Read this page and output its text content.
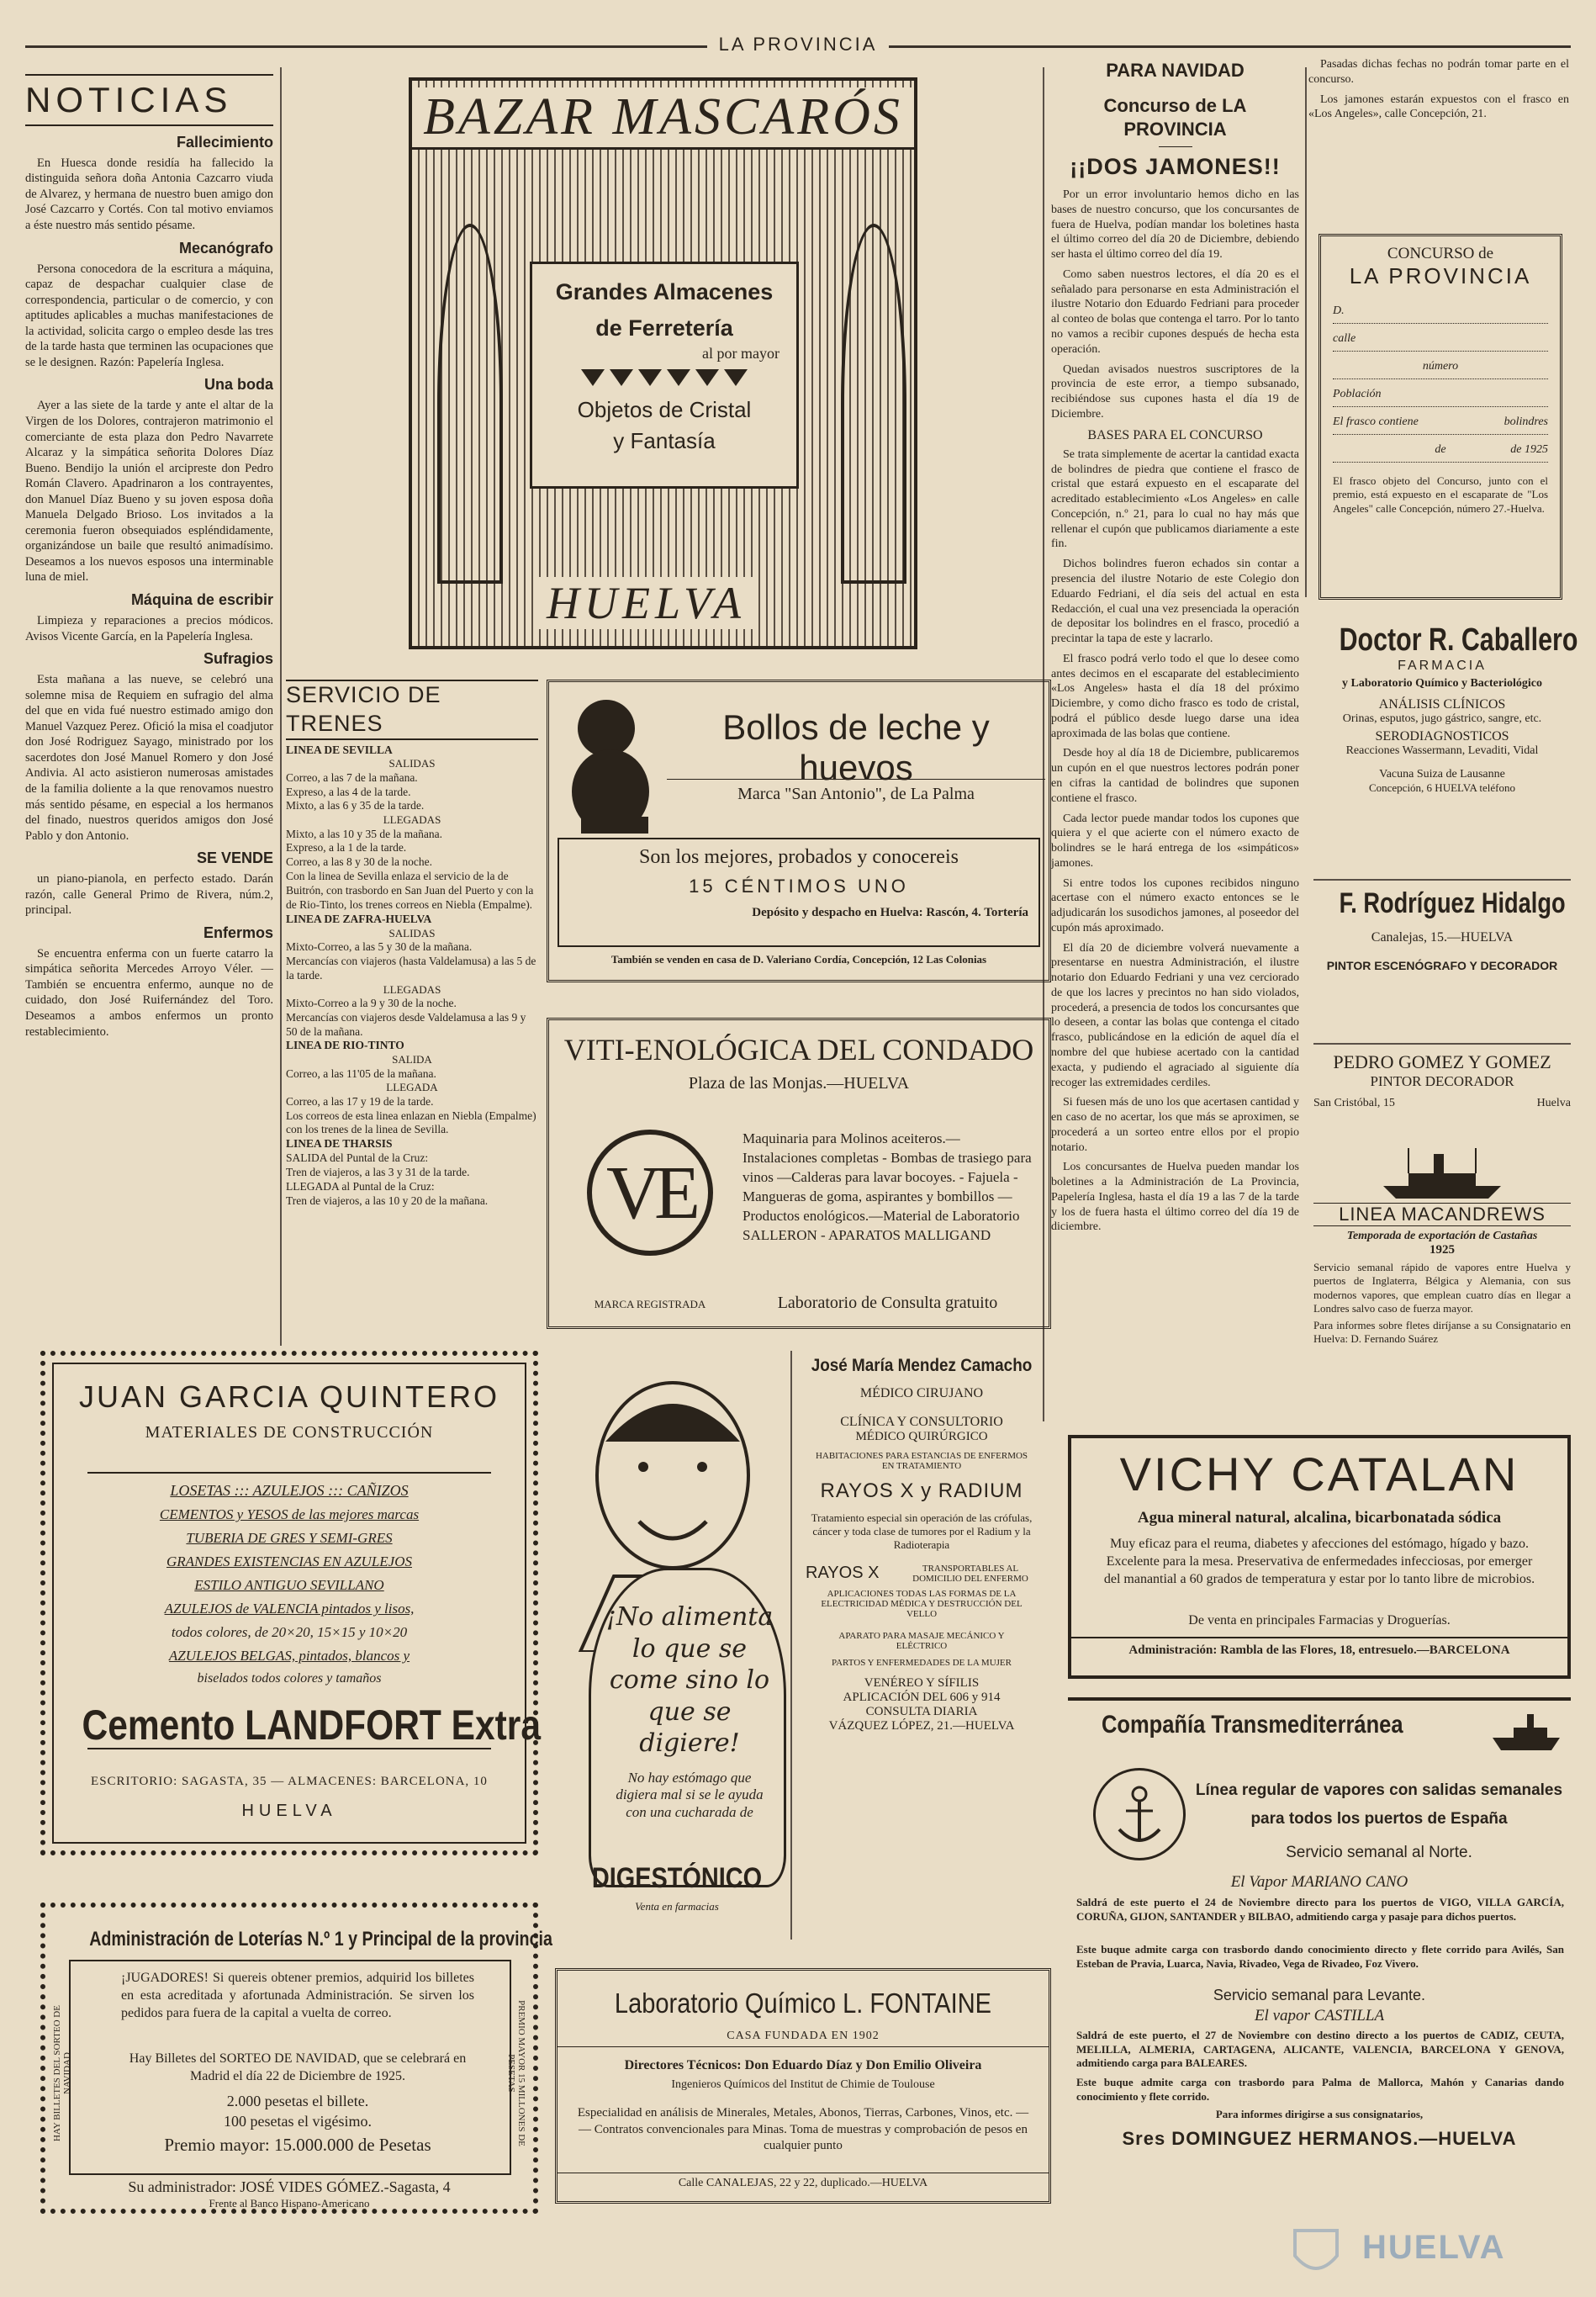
LA PROVINCIA
NOTICIAS
Fallecimiento

En Huesca donde residía ha fallecido la distinguida señora doña Antonia Cazcarro viuda de Alvarez, y hermana de nuestro buen amigo don José Cazcarro y Cortés. Con tal motivo enviamos a éste nuestro más sentido pésame.

Mecanógrafo

Persona conocedora de la escritura a máquina, capaz de despachar cualquier clase de correspondencia, particular o de comercio, y con aptitudes aplicables a muchas manifestaciones de la actividad, solicita cargo o empleo desde las tres de la tarde hasta que terminen las ocupaciones que se le designen. Razón: Papelería Inglesa.

Una boda

Ayer a las siete de la tarde y ante el altar de la Virgen de los Dolores, contrajeron matrimonio el comerciante de esta plaza don Pedro Navarrete Alcaraz y la simpática señorita Dolores Díaz Bueno. Bendijo la unión el arcipreste don Pedro Román Clavero. Apadrinaron a los contrayentes, don Manuel Díaz Bueno y su joven esposa doña Manuela Delgado Brioso. Los invitados a la ceremonia fueron obsequiados espléndidamente, organizándose un baile que resultó animadísimo. Deseamos a los nuevos esposos una interminable luna de miel.

Máquina de escribir

Limpieza y reparaciones a precios módicos. Avisos Vicente García, en la Papelería Inglesa.

Sufragios

Esta mañana a las nueve, se celebró una solemne misa de Requiem en sufragio del alma del que en vida fué nuestro estimado amigo don Manuel Vazquez Perez. Ofició la misa el coadjutor don José Rodriguez Sayago, ministrado por los sacerdotes don José Manuel Romero y don José Andivia. Al acto asistieron numerosas amistades de la familia doliente a la que renovamos nuestro más sentido pésame, en especial a los hermanos del finado, nuestros queridos amigos don José Pablo y don Antonio.

SE VENDE

un piano-pianola, en perfecto estado. Darán razón, calle General Primo de Rivera, núm.2, principal.

Enfermos

Se encuentra enferma con un fuerte catarro la simpática señorita Mercedes Arroyo Véler. —También se encuentra enfermo, aunque no de cuidado, don José Ruifernández del Toro. Deseamos a ambos enfermos un pronto restablecimiento.

BAZAR MASCARÓS
Grandes Almacenes
de Ferretería
al por mayor
Objetos de Cristal
y Fantasía
HUELVA
SERVICIO DE TRENES
LINEA DE SEVILLA
SALIDAS
Correo, a las 7 de la mañana.
Expreso, a las 4 de la tarde.
Mixto, a las 6 y 35 de la tarde.
LLEGADAS
Mixto, a las 10 y 35 de la mañana.
Expreso, a la 1 de la tarde.
Correo, a las 8 y 30 de la noche.
Con la linea de Sevilla enlaza el servicio de la de Buitrón, con trasbordo en San Juan del Puerto y con la de Rio-Tinto, los trenes correos en Niebla (Empalme).
LINEA DE ZAFRA-HUELVA
SALIDAS
Mixto-Correo, a las 5 y 30 de la mañana.
Mercancías con viajeros (hasta Valdelamusa) a las 5 de la tarde.
LLEGADAS
Mixto-Correo a la 9 y 30 de la noche.
Mercancías con viajeros desde Valdelamusa a las 9 y 50 de la mañana.
LINEA DE RIO-TINTO
SALIDA
Correo, a las 11'05 de la mañana.
LLEGADA
Correo, a las 17 y 19 de la tarde.
Los correos de esta linea enlazan en Niebla (Empalme) con los trenes de la linea de Sevilla.
LINEA DE THARSIS
SALIDA del Puntal de la Cruz:
Tren de viajeros, a las 3 y 31 de la tarde.
LLEGADA al Puntal de la Cruz:
Tren de viajeros, a las 10 y 20 de la mañana.
Bollos de leche y huevos
Marca "San Antonio", de La Palma
Son los mejores, probados y conocereis
15 CÉNTIMOS UNO
Depósito y despacho en Huelva: Rascón, 4. Tortería
También se venden en casa de D. Valeriano Cordía, Concepción, 12 Las Colonias
VITI-ENOLÓGICA DEL CONDADO
Plaza de las Monjas.—HUELVA
VE
MARCA REGISTRADA
Maquinaria para Molinos aceiteros.— Instalaciones completas - Bombas de trasiego para vinos —Calderas para lavar bocoyes. - Fajuela - Mangueras de goma, aspirantes y bombillos —Productos enológicos.—Material de Laboratorio SALLERON - APARATOS MALLIGAND
Laboratorio de Consulta gratuito
PARA NAVIDAD
Concurso de LA PROVINCIA
¡¡DOS JAMONES!!

Por un error involuntario hemos dicho en las bases de nuestro concurso, que los concursantes de fuera de Huelva, podían mandar los boletines hasta el último correo del día 20 de Diciembre, debiendo ser hasta el último correo del día 19.

Como saben nuestros lectores, el día 20 es el señalado para personarse en esta Administración el ilustre Notario don Eduardo Fedriani para proceder al conteo de bolas que contenga el tarro. Por lo tanto no vamos a recibir cupones después de hecha esta operación.

Quedan avisados nuestros suscriptores de la provincia de este error, a tiempo subsanado, recibiéndose sus cupones hasta el día 19 de Diciembre.

BASES PARA EL CONCURSO

Se trata simplemente de acertar la cantidad exacta de bolindres de piedra que contiene el frasco de cristal que estará expuesto en el escaparate del acreditado establecimiento «Los Angeles» en calle Concepción, n.º 21, para lo cual no hay más que rellenar el cupón que publicamos diariamente a este fin.

Dichos bolindres fueron echados sin contar a presencia del ilustre Notario de este Colegio don Eduardo Fedriani, el día seis del actual en esta Redacción, el cual una vez presenciada la operación de depositar los bolindres en el frasco, procedió a precintar la tapa de este y lacrarlo.

El frasco podrá verlo todo el que lo desee como antes decimos en el escaparate del establecimiento «Los Angeles» hasta el día 18 del próximo Diciembre, y como dicho frasco es todo de cristal, podrá el público desde luego darse una idea aproximada de las bolas que contiene.

Desde hoy al día 18 de Diciembre, publicaremos un cupón en el que nuestros lectores podrán poner en cifras la cantidad de bolindres que suponen contiene el frasco.

Cada lector puede mandar todos los cupones que quiera y el que acierte con el número exacto de bolindres se le hará entrega de los «simpáticos» jamones.

Si entre todos los cupones recibidos ninguno acertase con el número exacto entonces se le adjudicarán los susodichos jamones, al poseedor del cupón más aproximado.

El día 20 de diciembre volverá nuevamente a presentarse en nuestra Administración, el ilustre notario don Eduardo Fedriani y una vez cerciorado de que los lacres y precintos no han sido violados, procederá, a presencia de todos los concursantes que lo deseen, a contar las bolas que contenga el citado frasco, publicándose en la edición de aquel día el nombre del que hubiese acertado con la cantidad exacta, y pudiendo el agraciado al siguiente día recoger las extremidades cerdiles.

Si fuesen más de uno los que acertasen cantidad y en caso de no acertar, los que más se aproximen, se procederá a un sorteo entre ellos por el propio notario.

Los concursantes de Huelva pueden mandar los boletines a la Administración de La Provincia, Papelería Inglesa, hasta el día 19 a las 7 de la tarde y los de fuera hasta el último correo del día 19 de diciembre.

Pasadas dichas fechas no podrán tomar parte en el concurso.

Los jamones estarán expuestos con el frasco en «Los Angeles», calle Concepción, 21.

CONCURSO de
LA PROVINCIA
D.
calle
número
Población
El frasco contiene	bolindres
de	de 1925
El frasco objeto del Concurso, junto con el premio, está expuesto en el escaparate de "Los Angeles" calle Concepción, número 27.-Huelva.
Doctor R. Caballero
FARMACIA
y Laboratorio Químico y Bacteriológico
ANÁLISIS CLÍNICOS
Orinas, esputos, jugo gástrico, sangre, etc.
SERODIAGNOSTICOS
Reacciones Wassermann, Levaditi, Vidal
Vacuna Suiza de Lausanne
Concepción, 6 HUELVA teléfono
F. Rodríguez Hidalgo
Canalejas, 15.—HUELVA
PINTOR ESCENÓGRAFO Y DECORADOR
PEDRO GOMEZ Y GOMEZ
PINTOR DECORADOR
San Cristóbal, 15	Huelva
LINEA MACANDREWS
Temporada de exportación de Castañas
1925
Servicio semanal rápido de vapores entre Huelva y puertos de Inglaterra, Bélgica y Alemania, con sus modernos vapores, que emplean cuatro días en llegar a Londres salvo caso de fuerza mayor.
Para informes sobre fletes diríjanse a su Consignatario en Huelva: D. Fernando Suárez
JUAN GARCIA QUINTERO
MATERIALES DE CONSTRUCCIÓN
LOSETAS ::: AZULEJOS ::: CAÑIZOS
CEMENTOS y YESOS de las mejores marcas
TUBERIA DE GRES Y SEMI-GRES
GRANDES EXISTENCIAS EN AZULEJOS
ESTILO ANTIGUO SEVILLANO
AZULEJOS de VALENCIA pintados y lisos,
todos colores, de 20×20, 15×15 y 10×20
AZULEJOS BELGAS, pintados, blancos y
biselados todos colores y tamaños
Cemento LANDFORT Extra
ESCRITORIO: SAGASTA, 35 — ALMACENES: BARCELONA, 10
HUELVA
¡No alimenta lo que se come sino lo que se digiere!
No hay estómago que digiera mal si se le ayuda con una cucharada de
DIGESTÓNICO
Venta en farmacias
José María Mendez Camacho
MÉDICO CIRUJANO
CLÍNICA Y CONSULTORIO
MÉDICO QUIRÚRGICO
HABITACIONES PARA ESTANCIAS DE ENFERMOS EN TRATAMIENTO
RAYOS X y RADIUM
Tratamiento especial sin operación de las crófulas, cáncer y toda clase de tumores por el Radium y la Radioterapia
RAYOS X	TRANSPORTABLES AL DOMICILIO DEL ENFERMO
APLICACIONES TODAS LAS FORMAS DE LA ELECTRICIDAD MÉDICA Y DESTRUCCIÓN DEL VELLO
APARATO PARA MASAJE MECÁNICO Y ELÉCTRICO
PARTOS Y ENFERMEDADES DE LA MUJER
VENÉREO Y SÍFILIS
APLICACIÓN DEL 606 y 914
CONSULTA DIARIA
VÁZQUEZ LÓPEZ, 21.—HUELVA
VICHY CATALAN
Agua mineral natural, alcalina, bicarbonatada sódica
Muy eficaz para el reuma, diabetes y afecciones del estómago, hígado y bazo. Excelente para la mesa. Preservativa de enfermedades infecciosas, por emerger del manantial a 60 grados de temperatura y estar por lo tanto libre de microbios.
De venta en principales Farmacias y Droguerías.
Administración: Rambla de las Flores, 18, entresuelo.—BARCELONA
Compañía Transmediterránea
Línea regular de vapores con salidas semanales
para todos los puertos de España
Servicio semanal al Norte.
El Vapor MARIANO CANO
Saldrá de este puerto el 24 de Noviembre directo para los puertos de VIGO, VILLA GARCÍA, CORUÑA, GIJON, SANTANDER y BILBAO, admitiendo carga y pasaje para dichos puertos.
Este buque admite carga con trasbordo dando conocimiento directo y flete corrido para Avilés, San Esteban de Pravia, Luarca, Navia, Rivadeo, Vega de Rivadeo, Foz Vivero.
Servicio semanal para Levante.
El vapor CASTILLA
Saldrá de este puerto, el 27 de Noviembre con destino directo a los puertos de CADIZ, CEUTA, MELILLA, ALMERIA, CARTAGENA, ALICANTE, VALENCIA, BARCELONA Y GENOVA, admitiendo carga para BALEARES.
Este buque admite carga con trasbordo para Palma de Mallorca, Mahón y Canarias dando conocimiento y flete corrido.
Para informes dirigirse a sus consignatarios,
Sres DOMINGUEZ HERMANOS.—HUELVA
Administración de Loterías N.º 1 y Principal de la provincia
HAY BILLETES DEL SORTEO DE NAVIDAD	PREMIO MAYOR 15 MILLONES DE PESETAS
¡JUGADORES! Si quereis obtener premios, adquirid los billetes en esta acreditada y afortunada Administración. Se sirven los pedidos para fuera de la capital a vuelta de correo.
Hay Billetes del SORTEO DE NAVIDAD, que se celebrará en Madrid el día 22 de Diciembre de 1925.
2.000 pesetas el billete.
100 pesetas el vigésimo.
Premio mayor: 15.000.000 de Pesetas
Su administrador: JOSÉ VIDES GÓMEZ.-Sagasta, 4
Frente al Banco Hispano-Americano
Laboratorio Químico L. FONTAINE
CASA FUNDADA EN 1902
Directores Técnicos: Don Eduardo Díaz y Don Emilio Oliveira
Ingenieros Químicos del Institut de Chimie de Toulouse
Especialidad en análisis de Minerales, Metales, Abonos, Tierras, Carbones, Vinos, etc. — — Contratos convencionales para Minas. Toma de muestras y comprobación de pesos en cualquier punto
Calle CANALEJAS, 22 y 22, duplicado.—HUELVA
HUELVA
